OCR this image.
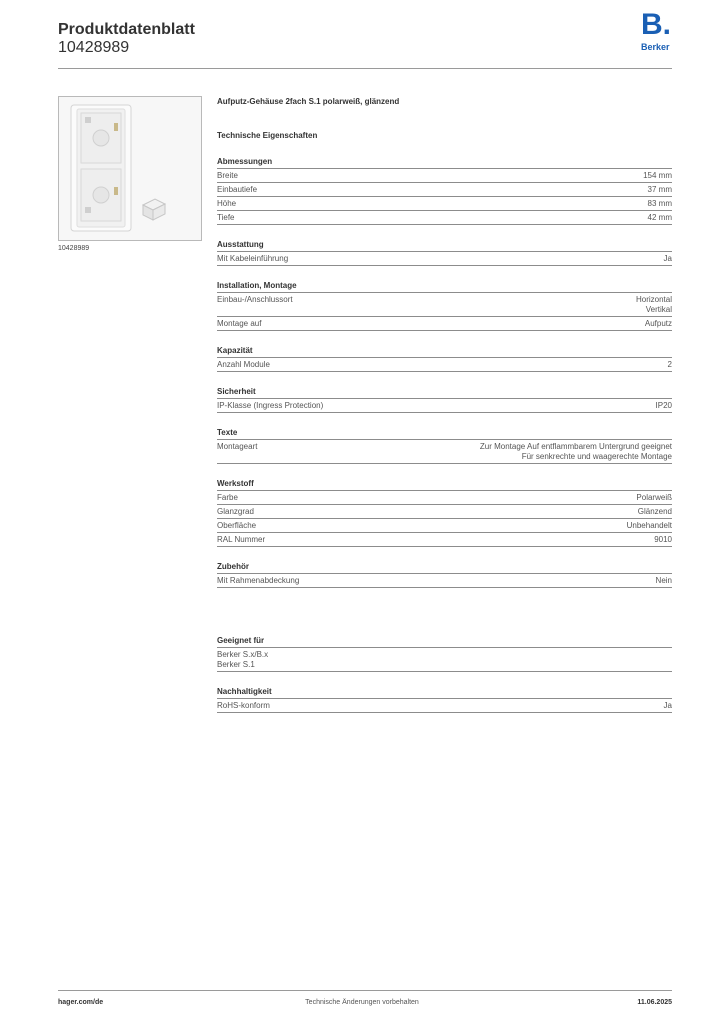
Produktdatenblatt
10428989
B.
Berker
10428989
Aufputz-Gehäuse 2fach S.1 polarweiß, glänzend
Technische Eigenschaften
Abmessungen
Breite	154 mm
Einbautiefe	37 mm
Höhe	83 mm
Tiefe	42 mm
Ausstattung
Mit Kabeleinführung	Ja
Installation, Montage
Einbau-/Anschlussort	Horizontal
Vertikal
Montage auf	Aufputz
Kapazität
Anzahl Module	2
Sicherheit
IP-Klasse (Ingress Protection)	IP20
Texte
Montageart	Zur Montage Auf entflammbarem Untergrund geeignet
Für senkrechte und waagerechte Montage
Werkstoff
Farbe	Polarweiß
Glanzgrad	Glänzend
Oberfläche	Unbehandelt
RAL Nummer	9010
Zubehör
Mit Rahmenabdeckung	Nein
Geeignet für
Berker S.x/B.x
Berker S.1
Nachhaltigkeit
RoHS-konform	Ja
hager.com/de	Technische Änderungen vorbehalten	11.06.2025
